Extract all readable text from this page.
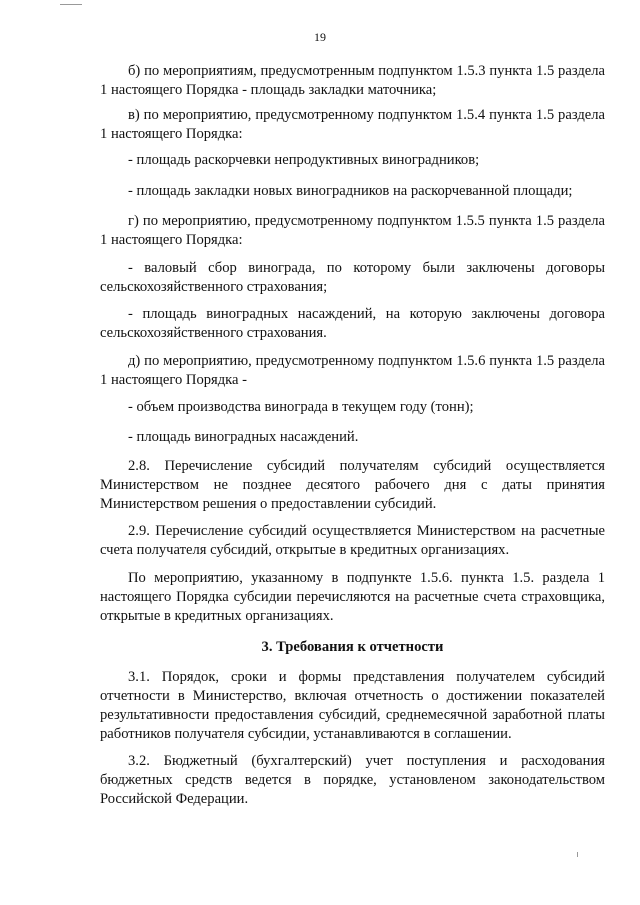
19

б) по мероприятиям, предусмотренным подпунктом 1.5.3 пункта 1.5 раздела 1 настоящего Порядка - площадь закладки маточника;

в) по мероприятию, предусмотренному подпунктом 1.5.4 пункта 1.5 раздела 1 настоящего Порядка:

- площадь раскорчевки непродуктивных виноградников;

- площадь закладки новых виноградников на раскорчеванной площади;

г) по мероприятию, предусмотренному подпунктом 1.5.5 пункта 1.5 раздела 1 настоящего Порядка:

- валовый сбор винограда, по которому были заключены договоры сельскохозяйственного страхования;

- площадь виноградных насаждений, на которую заключены договора сельскохозяйственного страхования.

д) по мероприятию, предусмотренному подпунктом 1.5.6 пункта 1.5 раздела 1 настоящего Порядка -

- объем производства винограда в текущем году (тонн);

- площадь виноградных насаждений.

2.8. Перечисление субсидий получателям субсидий осуществляется Министерством не позднее десятого рабочего дня с даты принятия Министерством решения о предоставлении субсидий.

2.9. Перечисление субсидий осуществляется Министерством на расчетные счета получателя субсидий, открытые в кредитных организациях.

По мероприятию, указанному в подпункте 1.5.6. пункта 1.5. раздела 1 настоящего Порядка субсидии перечисляются на расчетные счета страховщика, открытые в кредитных организациях.

3. Требования к отчетности

3.1. Порядок, сроки и формы представления получателем субсидий отчетности в Министерство, включая отчетность о достижении показателей результативности предоставления субсидий, среднемесячной заработной платы работников получателя субсидии, устанавливаются в соглашении.

3.2. Бюджетный (бухгалтерский) учет поступления и расходования бюджетных средств ведется в порядке, установленом законодательством Российской Федерации.
